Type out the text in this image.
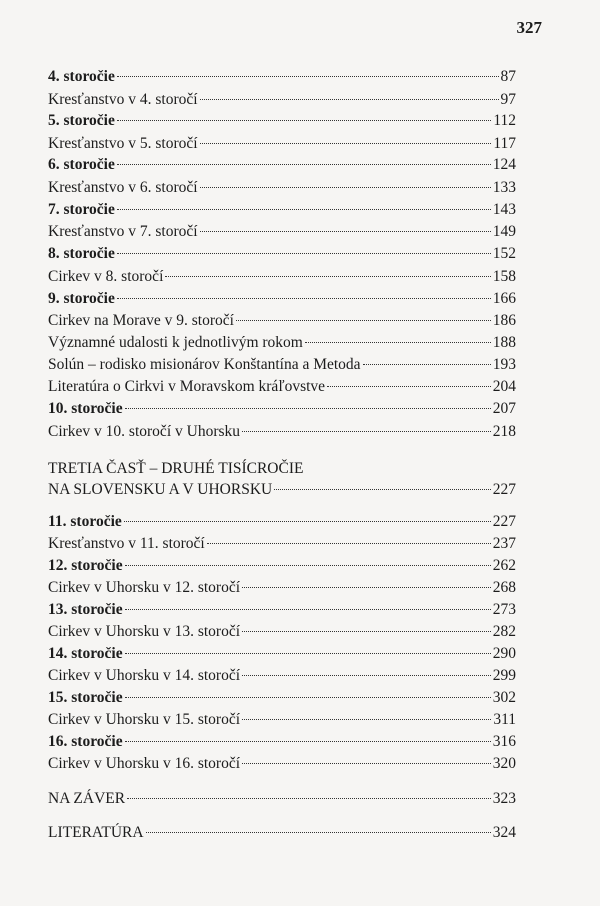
327
4. storočie	87
Kresťanstvo v 4. storočí	97
5. storočie	112
Kresťanstvo v 5. storočí	117
6. storočie	124
Kresťanstvo v 6. storočí	133
7. storočie	143
Kresťanstvo v 7. storočí	149
8. storočie	152
Cirkev v 8. storočí	158
9. storočie	166
Cirkev na Morave v 9. storočí	186
Významné udalosti k jednotlivým rokom	188
Solún – rodisko misionárov Konštantína a Metoda	193
Literatúra o Cirkvi v Moravskom kráľovstve	204
10. storočie	207
Cirkev v 10. storočí v Uhorsku	218
TRETIA ČASŤ – DRUHÉ TISÍCROČIE
NA SLOVENSKU A V UHORSKU	227
11. storočie	227
Kresťanstvo v 11. storočí	237
12. storočie	262
Cirkev v Uhorsku v 12. storočí	268
13. storočie	273
Cirkev v Uhorsku v 13. storočí	282
14. storočie	290
Cirkev v Uhorsku v 14. storočí	299
15. storočie	302
Cirkev v Uhorsku v 15. storočí	311
16. storočie	316
Cirkev v Uhorsku v 16. storočí	320
NA ZÁVER	323
LITERATÚRA	324
